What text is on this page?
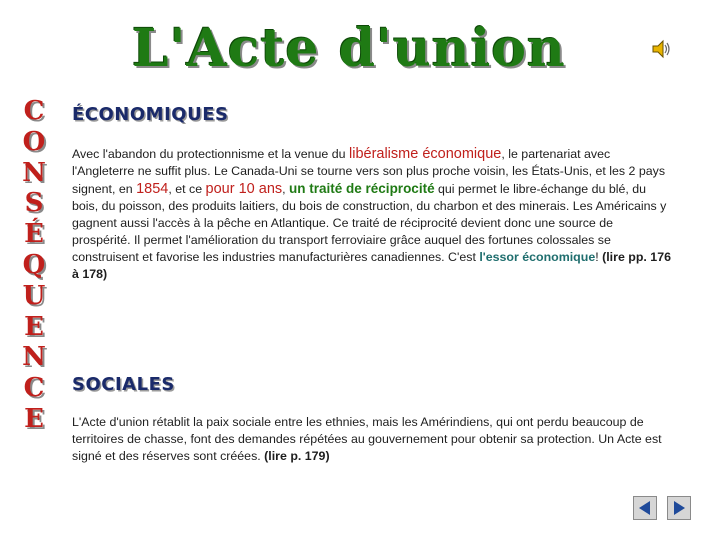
L'Acte d'union
C
O
N
S
É
Q
U
E
N
C
E
ÉCONOMIQUES

Avec l'abandon du protectionnisme et la venue du libéralisme économique, le partenariat avec l'Angleterre ne suffit plus. Le Canada-Uni se tourne vers son plus proche voisin, les États-Unis, et les 2 pays signent, en 1854, et ce pour 10 ans, un traité de réciprocité qui permet le libre-échange du blé, du bois, du poisson, des produits laitiers, du bois de construction, du charbon et des minerais. Les Américains y gagnent aussi l'accès à la pêche en Atlantique. Ce traité de réciprocité devient donc une source de prospérité. Il permet l'amélioration du transport ferroviaire grâce auquel des fortunes colossales se construisent et favorise les industries manufacturières canadiennes. C'est l'essor économique! (lire pp. 176 à 178)

SOCIALES

L'Acte d'union rétablit la paix sociale entre les ethnies, mais les Amérindiens, qui ont perdu beaucoup de territoires de chasse, font des demandes répétées au gouvernement pour obtenir sa protection. Un Acte est signé et des réserves sont créées. (lire p. 179)
